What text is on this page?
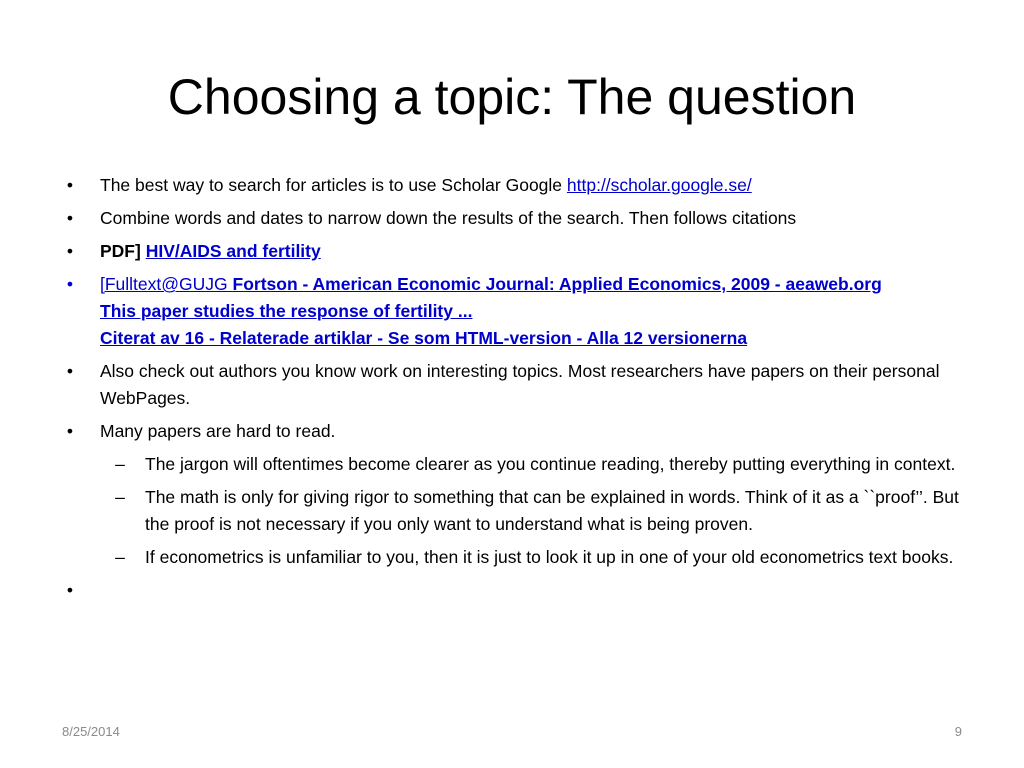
Choosing a topic: The question
•	The best way to search for articles is to use Scholar Google http://scholar.google.se/
•	Combine words and dates to narrow down the results of the search. Then follows citations
•	PDF] HIV/AIDS and fertility
•	[Fulltext@GUJG Fortson - American Economic Journal: Applied Economics, 2009 - aeaweb.org
This paper studies the response of fertility ...
Citerat av 16 - Relaterade artiklar - Se som HTML-version - Alla 12 versionerna
•	Also check out authors you know work on interesting topics. Most researchers have papers on their personal WebPages.
•	Many papers are hard to read.
– The jargon will oftentimes become clearer as you continue reading, thereby putting everything in context.
– The math is only for giving rigor to something that can be explained in words. Think of it as a ``proof’’. But the proof is not necessary if you only want to understand what is being proven.
– If econometrics is unfamiliar to you, then it is just to look it up in one of your old econometrics text books.
•

8/25/2014	9
